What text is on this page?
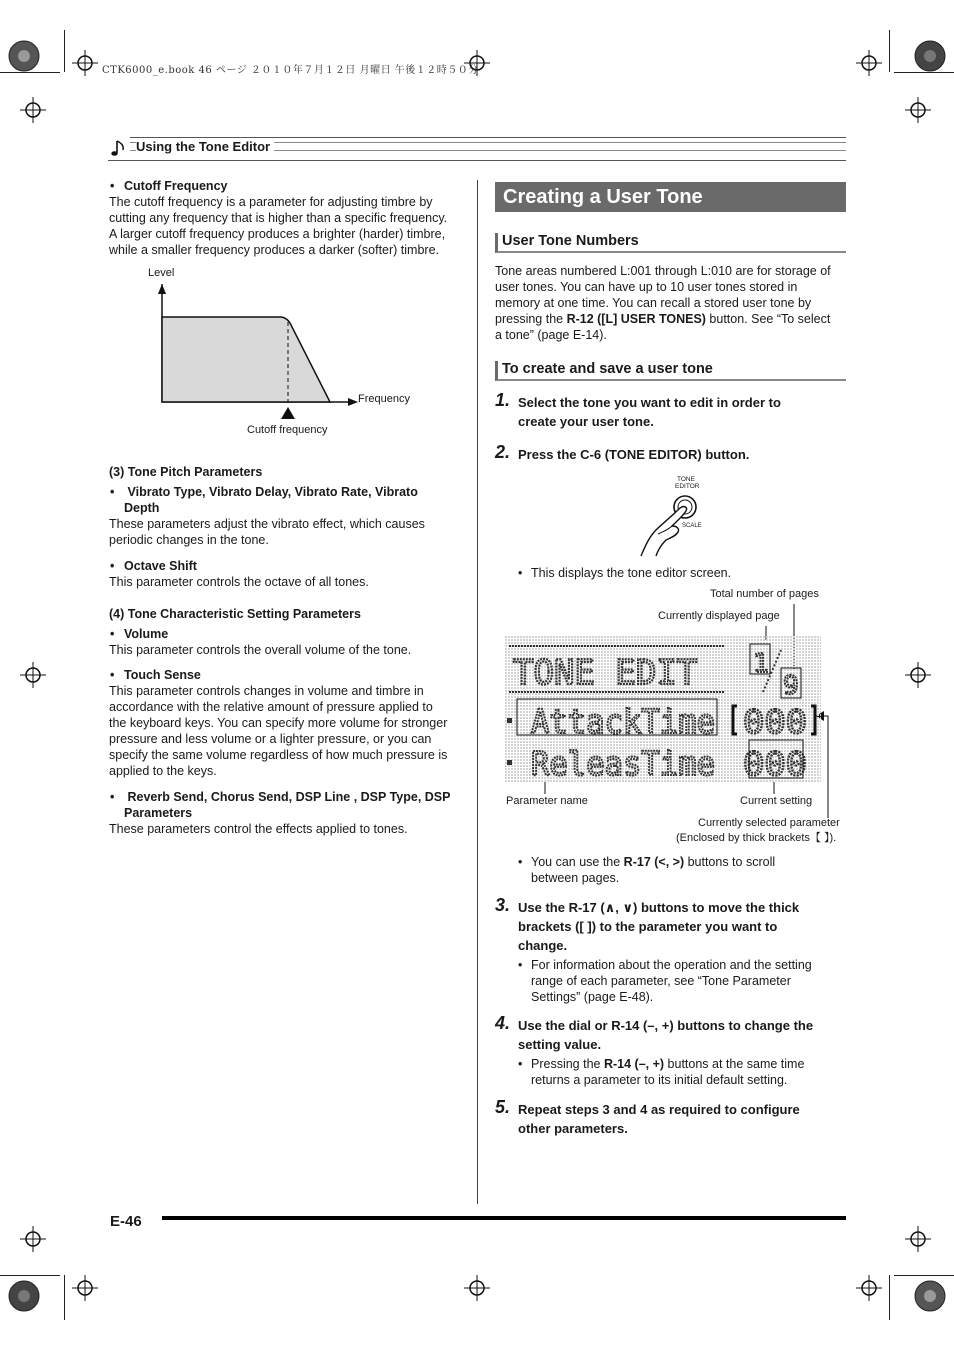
CTK6000_e.book 46 ページ ２０１０年７月１２日 月曜日 午後１２時５０分
Using the Tone Editor
• Cutoff Frequency
The cutoff frequency is a parameter for adjusting timbre by
cutting any frequency that is higher than a specific frequency.
A larger cutoff frequency produces a brighter (harder) timbre,
while a smaller frequency produces a darker (softer) timbre.
Level
Frequency
Cutoff frequency
(3) Tone Pitch Parameters
• Vibrato Type, Vibrato Delay, Vibrato Rate, Vibrato
Depth
These parameters adjust the vibrato effect, which causes
periodic changes in the tone.
• Octave Shift
This parameter controls the octave of all tones.
(4) Tone Characteristic Setting Parameters
• Volume
This parameter controls the overall volume of the tone.
• Touch Sense
This parameter controls changes in volume and timbre in
accordance with the relative amount of pressure applied to
the keyboard keys. You can specify more volume for stronger
pressure and less volume or a lighter pressure, or you can
specify the same volume regardless of how much pressure is
applied to the keys.
• Reverb Send, Chorus Send, DSP Line , DSP Type, DSP
Parameters
These parameters control the effects applied to tones.
Creating a User Tone
User Tone Numbers
Tone areas numbered L:001 through L:010 are for storage of
user tones. You can have up to 10 user tones stored in
memory at one time. You can recall a stored user tone by
pressing the R-12 ([L] USER TONES) button. See “To select
a tone” (page E-14).
To create and save a user tone
1. Select the tone you want to edit in order to
create your user tone.
2. Press the C-6 (TONE EDITOR) button.
TONE
EDITOR
SCALE
• This displays the tone editor screen.
Total number of pages
Currently displayed page
TONE EDIT 1
9
AttackTime
ReleasTime
000
000
Parameter name	Current setting
Currently selected parameter
(Enclosed by thick brackets【 】).
• You can use the R-17 (<, >) buttons to scroll
between pages.
3. Use the R-17 (∧, ∨) buttons to move the thick
brackets ([ ]) to the parameter you want to
change.
• For information about the operation and the setting
range of each parameter, see “Tone Parameter
Settings” (page E-48).
4. Use the dial or R-14 (–, +) buttons to change the
setting value.
• Pressing the R-14 (–, +) buttons at the same time
returns a parameter to its initial default setting.
5. Repeat steps 3 and 4 as required to configure
other parameters.
E-46
